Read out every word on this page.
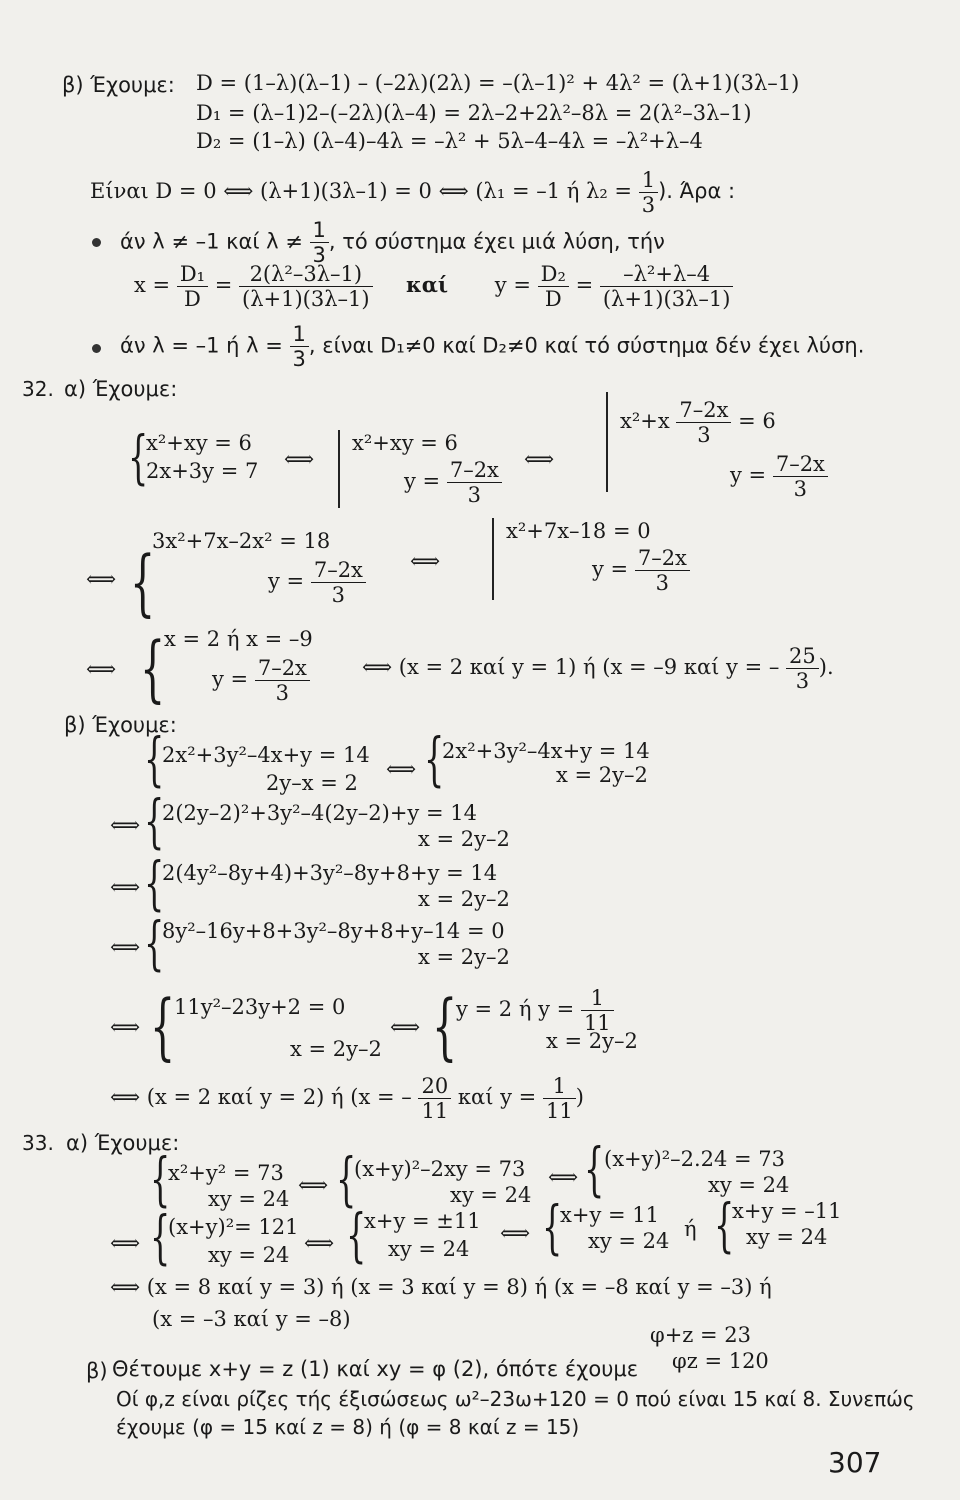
β) Έχουμε: D = (1–λ)(λ–1) – (–2λ)(2λ) = –(λ–1)² + 4λ² = (λ+1)(3λ–1)
D₁ = (λ–1)2–(–2λ)(λ–4) = 2λ–2+2λ²–8λ = 2(λ²–3λ–1)
D₂ = (1–λ) (λ–4)–4λ = –λ² + 5λ–4–4λ = –λ²+λ–4
Είναι D = 0 ⟺ (λ+1)(3λ–1) = 0 ⟺ (λ₁ = –1 ή $\lambda_2 = \frac{1}{3}$ ). Άρα :
άν λ ≠ –1 καί $\lambda \ne \frac{1}{3}$ , τό σύστημα έχει μιά λύση, τήν
$x = \frac{\text{D₁}}{D} = \frac{\text{2(λ²–3λ–1)}}{(\lambda+1)(3\lambda-1)}$ καί $y = \frac{\text{D₂}}{D} = \frac{\text{–λ²+λ–4}}{(\lambda+1)(3\lambda-1)}$
άν λ = –1 ή $\lambda = \frac{1}{3}$ , είναι D₁≠0 καί D₂≠0 καί τό σύστημα δέν έχει λύση.
32. α) Έχουμε:
{
x²+xy = 6
2x+3y = 7 ⟺
x²+xy = 6
$y = \frac{7-2x}{3}$ ⟺
$x^2+x \frac{7-2x}{3} = 6$
$y = \frac{7-2x}{3}$
⟺ {
3x²+7x–2x² = 18
$y = \frac{7-2x}{3}$ ⟺
x²+7x–18 = 0
$y = \frac{7-2x}{3}$
⟺ {
x = 2 ή x = –9
$y = \frac{7-2x}{3}$ ⟺ (x = 2 καί y = 1) ή (x = –9 καί y = – $\frac{25}{3}$ ).
β) Έχουμε:
{
2x²+3y²–4x+y = 14
2y–x = 2
⟺ {
2x²+3y²–4x+y = 14
x = 2y–2
⟺ {
2(2y–2)²+3y²–4(2y–2)+y = 14
x = 2y–2
⟺ {
2(4y²–8y+4)+3y²–8y+8+y = 14
x = 2y–2
⟺ {
8y²–16y+8+3y²–8y+8+y–14 = 0
x = 2y–2
⟺ {
11y²–23y+2 = 0
x = 2y–2
⟺ {
y = 2 ή $y = \frac{1}{11}$
x = 2y–2
⟺ (x = 2 καί y = 2) ή (x = – $\frac{20}{11}$ καί $y = \frac{1}{11}$ )
33. α) Έχουμε:
{
x²+y² = 73
xy = 24
⟺ {
(x+y)²–2xy = 73
xy = 24
⟺ { (x+y)²–2.24 = 73
xy = 24
⟺ {
(x+y)²= 121
xy = 24 ⟺ {
x+y = ±11
xy = 24
⟺ {
x+y = 11
xy = 24 ή {
x+y = –11
xy = 24
⟺ (x = 8 καί y = 3) ή (x = 3 καί y = 8) ή (x = –8 καί y = –3) ή
(x = –3 καί y = –8)
β) Θέτουμε x+y = z (1) καί xy = φ (2), όπότε έχουμε
φ+z = 23
φz = 120
Οί φ,z είναι ρίζες τής έξισώσεως ω²–23ω+120 = 0 πού είναι 15 καί 8. Συνεπώς
έχουμε (φ = 15 καί z = 8) ή (φ = 8 καί z = 15)
307
